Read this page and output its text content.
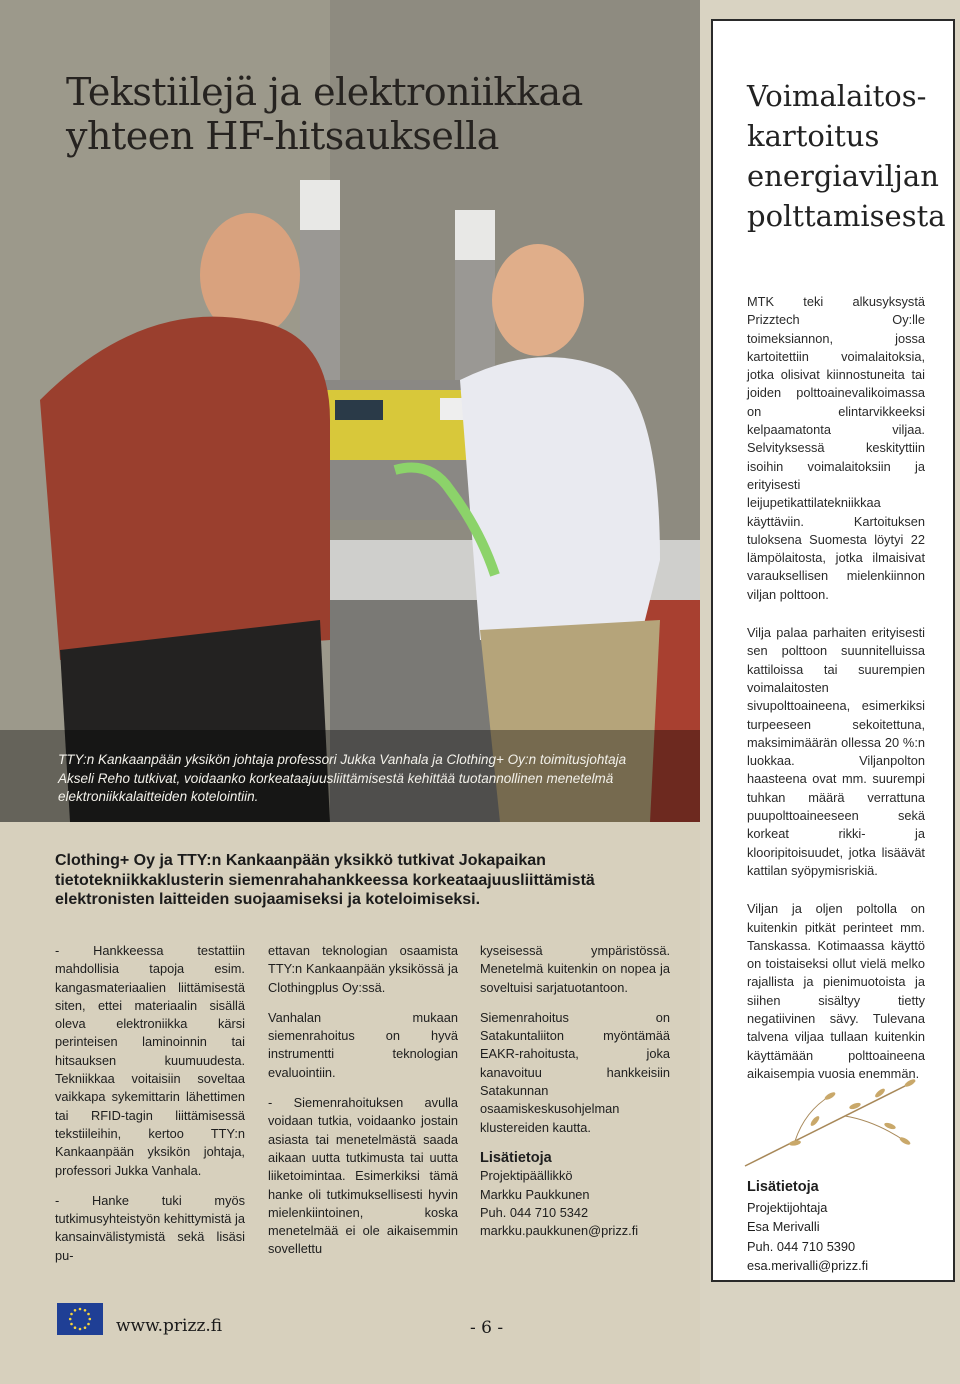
Tekstiilejä ja elektroniikkaa yhteen HF-hitsauksella
TTY:n Kankaanpään yksikön johtaja professori Jukka Vanhala ja Clothing+ Oy:n toimitusjohtaja Akseli Reho tutkivat, voidaanko korkeataajuusliittämisestä kehittää tuotannollinen menetelmä elektroniikkalaitteiden kotelointiin.
Clothing+ Oy ja TTY:n Kankaanpään yksikkö tutkivat Jokapaikan tietotekniikkaklusterin siemenrahahankkeessa korkeataajuusliittämistä elektronisten laitteiden suojaamiseksi ja koteloimiseksi.

- Hankkeessa testattiin mahdollisia tapoja esim. kangasmateriaalien liittämisestä siten, ettei materiaalin sisällä oleva elektroniikka kärsi perinteisen laminoinnin tai hitsauksen kuumuudesta. Tekniikkaa voitaisiin soveltaa vaikkapa sykemittarin lähettimen tai RFID-tagin liittämisessä tekstiileihin, kertoo TTY:n Kankaanpään yksikön johtaja, professori Jukka Vanhala.

- Hanke tuki myös tutkimusyhteistyön kehittymistä ja kansainvälistymistä sekä lisäsi pu-

ettavan teknologian osaamista TTY:n Kankaanpään yksikössä ja Clothingplus Oy:ssä.

Vanhalan mukaan siemenrahoitus on hyvä instrumentti teknologian evaluointiin.

- Siemenrahoituksen avulla voidaan tutkia, voidaanko jostain asiasta tai menetelmästä saada aikaan uutta tutkimusta tai uutta liiketoimintaa. Esimerkiksi tämä hanke oli tutkimuksellisesti hyvin mielenkiintoinen, koska menetelmää ei ole aikaisemmin sovellettu

kyseisessä ympäristössä. Menetelmä kuitenkin on nopea ja soveltuisi sarjatuotantoon.

Siemenrahoitus on Satakuntaliiton myöntämää EAKR-rahoitusta, joka kanavoituu hankkeisiin Satakunnan osaamiskeskusohjelman klustereiden kautta.

Lisätietoja
Projektipäällikkö
Markku Paukkunen
Puh. 044 710 5342
markku.paukkunen@prizz.fi
www.prizz.fi	- 6 -
Voimalaitos-kartoitus energiaviljan polttamisesta

MTK teki alkusyksystä Prizztech Oy:lle toimeksiannon, jossa kartoitettiin voimalaitoksia, jotka olisivat kiinnostuneita tai joiden polttoainevalikoimassa on elintarvikkeeksi kelpaamatonta viljaa. Selvityksessä keskityttiin isoihin voimalaitoksiin ja erityisesti leijupetikattilatekniikkaa käyttäviin. Kartoituksen tuloksena Suomesta löytyi 22 lämpölaitosta, jotka ilmaisivat varauksellisen mielenkiinnon viljan polttoon.

Vilja palaa parhaiten erityisesti sen polttoon suunnitelluissa kattiloissa tai suurempien voimalaitosten sivupolttoaineena, esimerkiksi turpeeseen sekoitettuna, maksimimäärän ollessa 20 %:n luokkaa. Viljanpolton haasteena ovat mm. suurempi tuhkan määrä verrattuna puupolttoaineeseen sekä korkeat rikki- ja klooripitoisuudet, jotka lisäävät kattilan syöpymisriskiä.

Viljan ja oljen poltolla on kuitenkin pitkät perinteet mm. Tanskassa. Kotimaassa käyttö on toistaiseksi ollut vielä melko rajallista ja pienimuotoista ja siihen sisältyy tietty negatiivinen sävy. Tulevana talvena viljaa tullaan kuitenkin käyttämään polttoaineena aikaisempia vuosia enemmän.

Lisätietoja
Projektijohtaja
Esa Merivalli
Puh. 044 710 5390
esa.merivalli@prizz.fi
